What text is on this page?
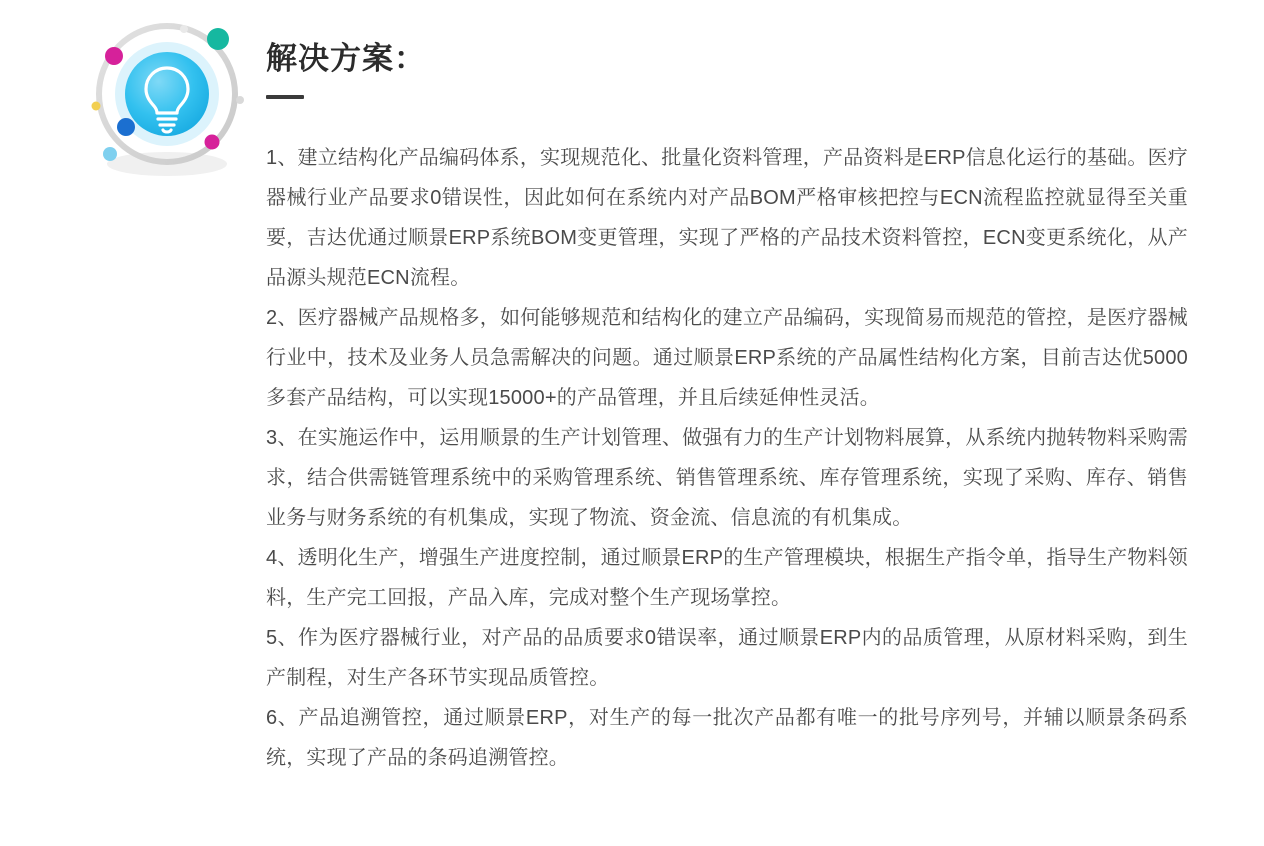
解决方案：

1、建立结构化产品编码体系，实现规范化、批量化资料管理，产品资料是ERP信息化运行的基础。医疗器械行业产品要求0错误性，因此如何在系统内对产品BOM严格审核把控与ECN流程监控就显得至关重要，吉达优通过顺景ERP系统BOM变更管理，实现了严格的产品技术资料管控，ECN变更系统化，从产品源头规范ECN流程。

2、医疗器械产品规格多，如何能够规范和结构化的建立产品编码，实现简易而规范的管控，是医疗器械行业中，技术及业务人员急需解决的问题。通过顺景ERP系统的产品属性结构化方案，目前吉达优5000多套产品结构，可以实现15000+的产品管理，并且后续延伸性灵活。

3、在实施运作中，运用顺景的生产计划管理、做强有力的生产计划物料展算，从系统内抛转物料采购需求，结合供需链管理系统中的采购管理系统、销售管理系统、库存管理系统，实现了采购、库存、销售业务与财务系统的有机集成，实现了物流、资金流、信息流的有机集成。

4、透明化生产，增强生产进度控制，通过顺景ERP的生产管理模块，根据生产指令单，指导生产物料领料，生产完工回报，产品入库，完成对整个生产现场掌控。

5、作为医疗器械行业，对产品的品质要求0错误率，通过顺景ERP内的品质管理，从原材料采购，到生产制程，对生产各环节实现品质管控。

6、产品追溯管控，通过顺景ERP，对生产的每一批次产品都有唯一的批号序列号，并辅以顺景条码系统，实现了产品的条码追溯管控。
